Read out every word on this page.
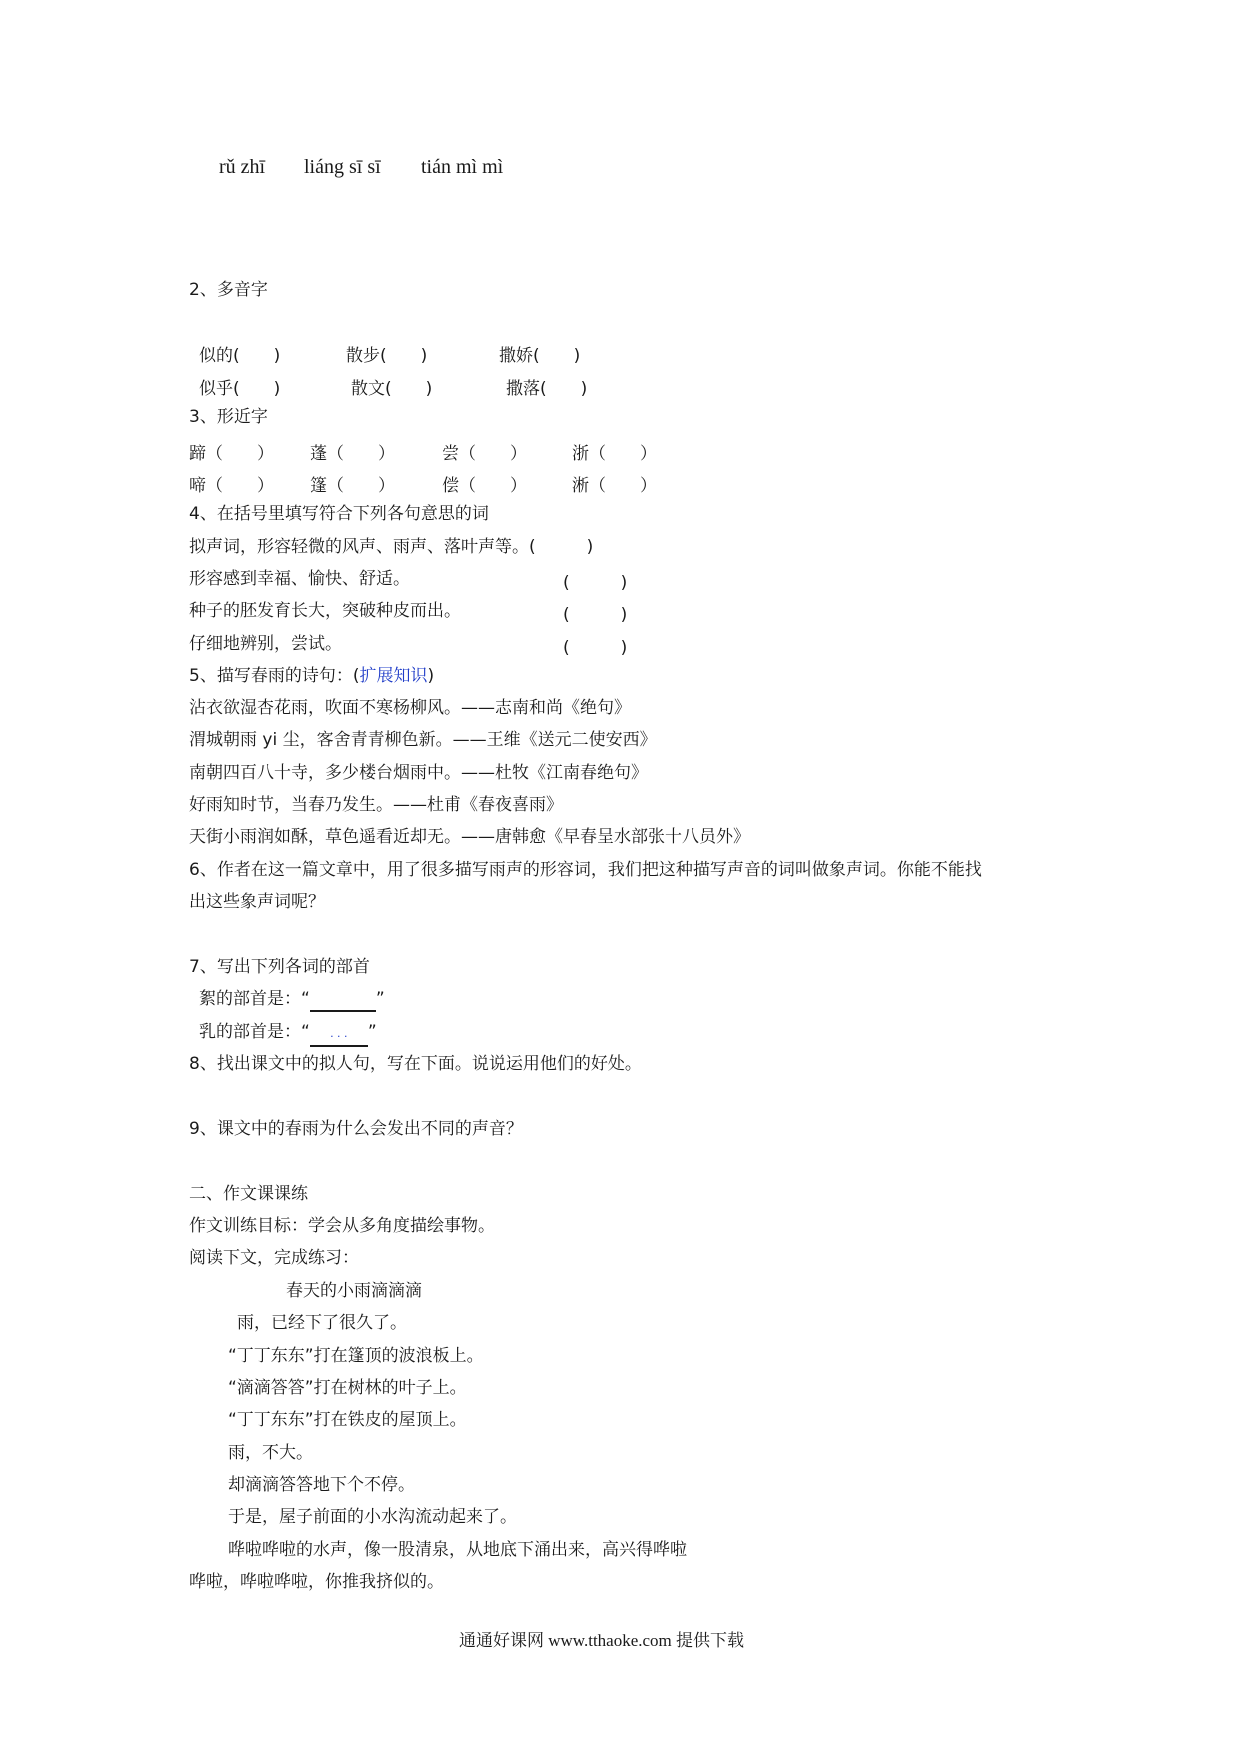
rǔ zhī liáng sī sī tián mì mì
2、多音字
似的(　　)	散步(　　)	撒娇(　　)
似乎(　　)	散文(　　)	撒落(　　)
3、形近字
蹄（　　） 蓬（　　）	尝（　　）	浙（　　）
啼（　　） 篷（　　）	偿（　　）	淅（　　）
4、在括号里填写符合下列各句意思的词
拟声词，形容轻微的风声、雨声、落叶声等。(　　　)
形容感到幸福、愉快、舒适。	(　　　)
种子的胚发育长大，突破种皮而出。	(　　　)
仔细地辨别，尝试。	(　　　)
5、描写春雨的诗句：(扩展知识)
沾衣欲湿杏花雨，吹面不寒杨柳风。——志南和尚《绝句》
渭城朝雨 yi 尘，客舍青青柳色新。——王维《送元二使安西》
南朝四百八十寺，多少楼台烟雨中。——杜牧《江南春绝句》
好雨知时节，当春乃发生。——杜甫《春夜喜雨》
天街小雨润如酥，草色遥看近却无。——唐韩愈《早春呈水部张十八员外》
6、作者在这一篇文章中，用了很多描写雨声的形容词，我们把这种描写声音的词叫做象声词。你能不能找
出这些象声词呢？
7、写出下列各词的部首
絮的部首是：“	”
乳的部首是：“ . . . ”
8、找出课文中的拟人句，写在下面。说说运用他们的好处。
9、课文中的春雨为什么会发出不同的声音？
二、作文课课练
作文训练目标：学会从多角度描绘事物。
阅读下文，完成练习：
春天的小雨滴滴滴
雨，已经下了很久了。
“丁丁东东”打在篷顶的波浪板上。
“滴滴答答”打在树林的叶子上。
“丁丁东东”打在铁皮的屋顶上。
雨，不大。
却滴滴答答地下个不停。
于是，屋子前面的小水沟流动起来了。
哗啦哗啦的水声，像一股清泉，从地底下涌出来，高兴得哗啦
哗啦，哗啦哗啦，你推我挤似的。
通通好课网 www.tthaoke.com 提供下载
